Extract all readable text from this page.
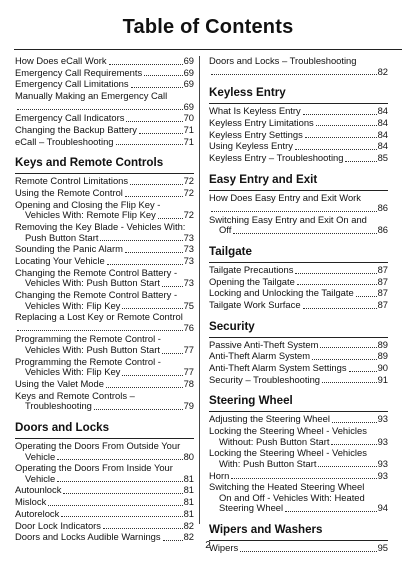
Table of Contents
How Does eCall Work	69
Emergency Call Requirements	69
Emergency Call Limitations	69
Manually Making an Emergency Call
69
Emergency Call Indicators	70
Changing the Backup Battery	71
eCall – Troubleshooting	71
Keys and Remote Controls
Remote Control Limitations	72
Using the Remote Control	72
Opening and Closing the Flip Key -
Vehicles With: Remote Flip Key	72
Removing the Key Blade - Vehicles With:
Push Button Start	73
Sounding the Panic Alarm	73
Locating Your Vehicle	73
Changing the Remote Control Battery -
Vehicles With: Push Button Start	73
Changing the Remote Control Battery -
Vehicles With: Flip Key	75
Replacing a Lost Key or Remote Control
76
Programming the Remote Control -
Vehicles With: Push Button Start	77
Programming the Remote Control -
Vehicles With: Flip Key	77
Using the Valet Mode	78
Keys and Remote Controls –
Troubleshooting	79
Doors and Locks
Operating the Doors From Outside Your
Vehicle	80
Operating the Doors From Inside Your
Vehicle	81
Autounlock	81
Mislock	81
Autorelock	81
Door Lock Indicators	82
Doors and Locks Audible Warnings 82
Doors and Locks – Troubleshooting
82
Keyless Entry
What Is Keyless Entry	84
Keyless Entry Limitations	84
Keyless Entry Settings	84
Using Keyless Entry	84
Keyless Entry – Troubleshooting	85
Easy Entry and Exit
How Does Easy Entry and Exit Work
86
Switching Easy Entry and Exit On and
Off	86
Tailgate
Tailgate Precautions	87
Opening the Tailgate	87
Locking and Unlocking the Tailgate	87
Tailgate Work Surface	87
Security
Passive Anti-Theft System	89
Anti-Theft Alarm System	89
Anti-Theft Alarm System Settings	90
Security – Troubleshooting	91
Steering Wheel
Adjusting the Steering Wheel	93
Locking the Steering Wheel - Vehicles
Without: Push Button Start	93
Locking the Steering Wheel - Vehicles
With: Push Button Start	93
Horn	93
Switching the Heated Steering Wheel
On and Off - Vehicles With: Heated
Steering Wheel	94
Wipers and Washers
Wipers	95
2
